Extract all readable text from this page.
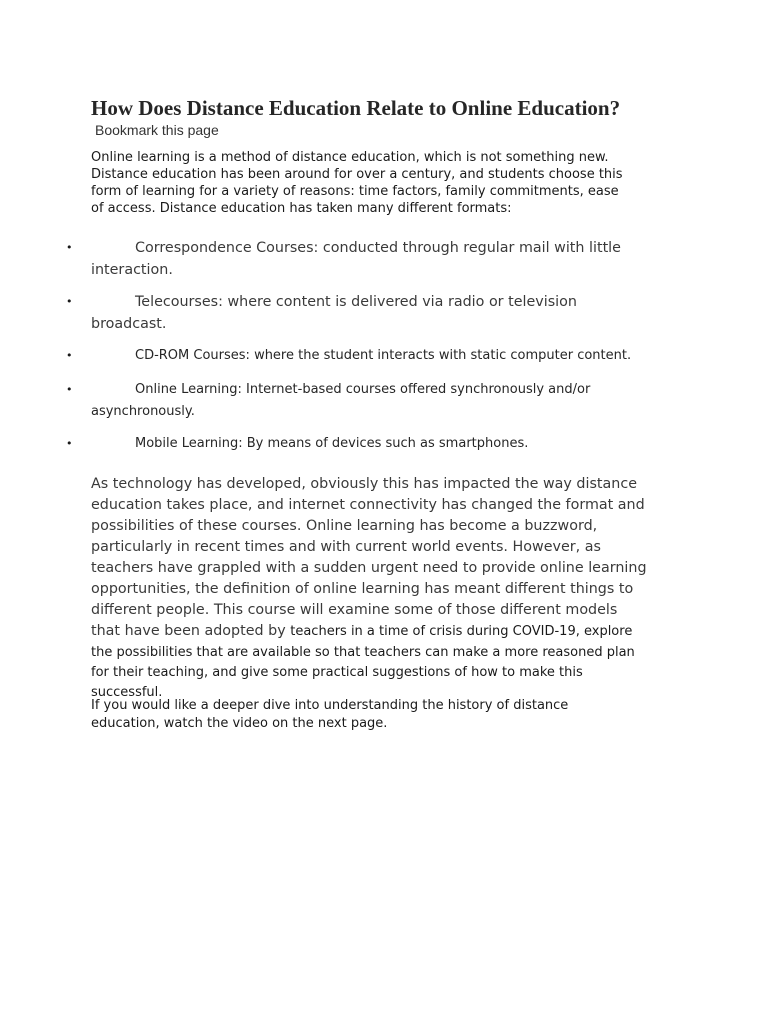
How Does Distance Education Relate to Online Education?
Bookmark this page

Online learning is a method of distance education, which is not something new.
Distance education has been around for over a century, and students choose this
form of learning for a variety of reasons: time factors, family commitments, ease
of access. Distance education has taken many different formats:

•	Correspondence Courses: conducted through regular mail with little
interaction.
•	Telecourses: where content is delivered via radio or television
broadcast.
•	CD-ROM Courses: where the student interacts with static computer content.
•	Online Learning: Internet-based courses offered synchronously and/or
asynchronously.
•	Mobile Learning: By means of devices such as smartphones.

As technology has developed, obviously this has impacted the way distance
education takes place, and internet connectivity has changed the format and
possibilities of these courses. Online learning has become a buzzword,
particularly in recent times and with current world events. However, as
teachers have grappled with a sudden urgent need to provide online learning
opportunities, the definition of online learning has meant different things to
different people. This course will examine some of those different models
that have been adopted by teachers in a time of crisis during COVID-19, explore
the possibilities that are available so that teachers can make a more reasoned plan
for their teaching, and give some practical suggestions of how to make this
successful.

If you would like a deeper dive into understanding the history of distance
education, watch the video on the next page.
